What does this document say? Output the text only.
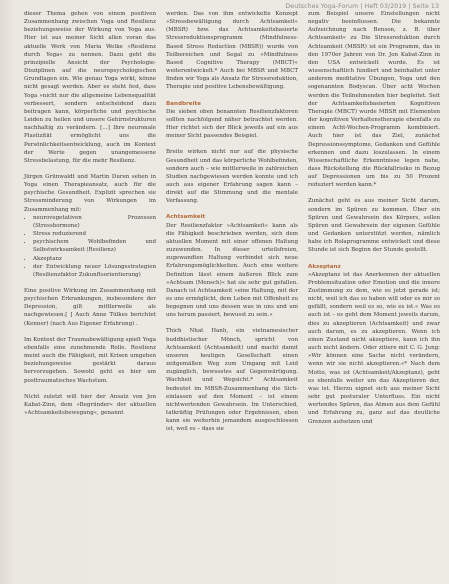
Deutsches Yoga-Forum | Heft 03/2019 | Seite 13

dieser Thema gehen von einem positiven Zusammenhang zwischen Yoga und Resilienz beziehungsweise der Wirkung von Yoga aus. Hier ist aus meiner Sicht allen voran das aktuelle Werk von Maria Welke »Resilienz durch Yoga« zu nennen. Dazu geht die prinzipielle Ansicht der Psychologie-Disziplinen auf die neuropsychologischen Grundlagen ein. Wie genau Yoga wirkt, könne nicht gesagt werden. Aber es steht fest, dass Yoga »nicht nur die allgemeine Lebensqualität verbessert, sondern entscheidend dazu beitragen kann, körperliche und psychische Leiden zu heilen und unsere Gehirnstrukturen nachhaltig zu verändern. […] Ihre neuronale Plastizität ermöglicht uns die Persönlichkeitsentwicklung, auch im Kontext der Werte gegen unangemessene Stressbelastung, für die mehr Resilienz.

Jürgen Grünwaldt und Martin Duren sehen in Yoga einen Therapieansatz, auch für die psychische Gesundheit. Explizit sprechen sie Stressminderung von Wirkungen im Zusammenhang mit:

• neurovegetativen Prozessen (Stresshormone)
• Stress reduzierend
• psychischem Wohlbefinden und Selbstwirksamkeit (Resilienz)
• Akzeptanz
• der Entwicklung neuer Lösungsstrategien (Resilienzfaktor Zukunftsorientierung)

Eine positive Wirkung im Zusammenhang mit psychischen Erkrankungen, insbesondere der Depression, gilt mittlerweile als nachgewiesen.[ ] Auch Anne Tülkes berichtet (Kenner) (nach Aus Eigener Erfahrung) .

Im Kontext der Traumabewältigung spielt Yoga ebenfalls eine zunehmende Rolle. Resilienz meint auch die Fähigkeit, mit Krisen umgehen beziehungsweise gestärkt daraus hervorzugehen. Sowohl geht es hier um posttraumatisches Wachstum.

Nicht zuletzt will hier der Ansatz von Jon Kabat-Zinn, dem »Begründer« der aktuellen »Achtsamkeitsbewegung«, genannt

werden. Das von ihm entwickelte Konzept »Stressbewältigung durch Achtsamkeit« (MBSR) bzw. das Achtsamkeitsbasierte Stressreduktionsprogramm (Mindfulness-Based Stress Reduction (MBSR)) wurde von Teilbereichen und Segal zu »Mindfulness Based Cognitive Therapy (MBCT)« weiterentwickelt.* Auch bei MBSR und MBCT finden wir Yoga als Ansatz für Stressreduktion, Therapie und positive Lebensbewältigung.

Bandbreite

Die sieben oben benannten Resilienzfaktoren sollten nachfolgend näher betrachtet werden. Hier richtet sich der Blick jeweils auf ein aus meiner Sicht passendes Beispiel.

Breite wirken nicht nur auf die physische Gesundheit und das körperliche Wohlbefinden, sondern auch – wie mittlerweile in zahlreichen Studien nachgewiesen werden konnte und ich auch aus eigener Erfahrung sagen kann – direkt auf die Stimmung und die mentale Verfassung.

Achtsamkeit

Der Resilienzfaktor »Achtsamkeit« kann als die Fähigkeit beschrieben werden, sich dem aktuellen Moment mit einer offenen Haltung zuzuwenden. In dieser urteilsfreien, zugewandten Haltung verbindet sich neue Erfahrungsmöglichkeiten. Auch eine weitere Definition lässt einem äußeren Blick zum »Achtsam (Mensch)« hat sie sehr gut gefallen. Danach ist Achtsamkeit »eine Haltung, mit der es uns ermöglicht, dem Leben mit Offenheit zu begegnen und uns dessen was in uns und um uns herum passiert, bewusst zu sein.«

Thich Nhat Hanh, ein vietnamesischer buddhistischer Mönch, spricht von Achtsamkeit (Achtsamkeit) und macht damit unseren heutigen Gesellschaft einen zeitgemäßen Weg zum Umgang mit Leid zugänglich, bewusstes auf Gegenwärtigung. Wachheit und Wegsicht.* Achtsamkeit bedeutet im MBSR-Zusammenhang die Sich-einlassen auf den Moment – ist einem nichtwertenden Gewahrsein. Im Unterschied, tatkräftig Prüfungen oder Ergebnissen, eben kann sie weiterhin jemandem ausgeschlossen ist, weil es – dass sie

zum Beispiel unsere Einstellungen nicht negativ beeinflussen. Die bekannte Aufzeichnung nach Benson, z. B. über Achtsamkeit« zu Die Stressreduktion durch Achtsamkeit (MBSR) ist ein Programm, das in den 1970er Jahren von Dr. Jon Kabat-Zinn in den USA entwickelt wurde. Es ist wissenschaftlich fundiert und beinhaltet unter anderem meditative Übungen, Yoga und den sogenannten Bodyscan. Über acht Wochen werden die Teilnehmenden hier begleitet. Seit der Achtsamkeitsbasierten Kognitiven Therapie (MBCT) wurde MBSR mit Elementen der kognitiven Verhaltenstherapie ebenfalls zu einem Acht-Wochen-Programm kombiniert. Auch hier ist das Ziel, zunächst Depressionssymptome, Gedanken und Gefühle erkennen und dazu loszulassen. In einem Wissenschaftliche Erkenntnisse legen nahe, dass Rückstellung die Rückfallrisiko in Bezug auf Depressionen um bis zu 50 Prozent reduziert werden kann.*

Zunächst geht es aus meiner Sicht darum, sondern im Spüren zu kommen. Über ein Spüren und Gewahrsein des Körpers, sollen Spüren und Gewahrsein der eigenen Gefühle und Gedanken unterstützt werden, nämlich habe ich Rolaprogramme entwickelt und diese Stunde ist sich Beginn der Stunde gestellt.

Akzeptanz

»Akzeptanz ist das Anerkennen der aktuellen Problemsituation oder Emotion und die innere Zustimmung zu dem, wie es jetzt gerade ist; nicht, weil ich das so haben will oder es mir so gefällt, sondern weil es so, wie es ist.« Was es auch ist – es geht dem Moment jeweils darum, dies zu akzeptieren (Achtsamkeit) und zwar auch darum, es zu akzeptieren. Wenn ich einen Zustand nicht akzeptiere, kann ich ihn auch nicht ändern. Oder zitiere mit C. G. Jung: »Wir können eine Sache nicht verändern, wenn wir sie nicht akzeptieren.«* Nach dem Motto, was ist (Achtsamkeit/Akzeptanz), geht es ebenfalls weiter um das Akzeptieren der, was ist. Hierzu eignet sich aus meiner Sicht sehr gut posturaler Unterfluss. Ein nicht wertendes Spüren, das Atmen aus dem Gefühl und Erfahrung zu, ganz auf das deutliche Grenzen aufsetzen und
